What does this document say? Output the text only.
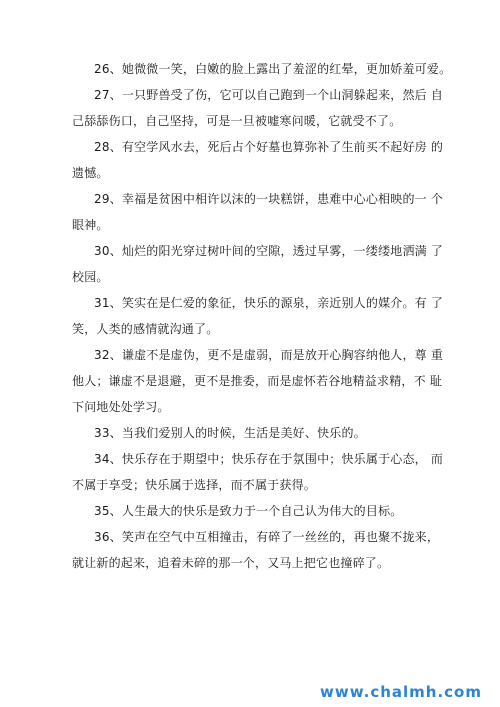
26、她微微一笑，白嫩的脸上露出了羞涩的红晕，更加娇羞可爱。

27、一只野兽受了伤，它可以自己跑到一个山洞躲起来，然后 自己舔舔伤口，自己坚持，可是一旦被嘘寒问暖，它就受不了。

28、有空学风水去，死后占个好墓也算弥补了生前买不起好房 的遗憾。

29、幸福是贫困中相许以沫的一块糕饼，患难中心心相映的一 个眼神。

30、灿烂的阳光穿过树叶间的空隙，透过早雾，一缕缕地洒满 了校园。

31、笑实在是仁爱的象征，快乐的源泉，亲近别人的媒介。有 了笑，人类的感情就沟通了。

32、谦虚不是虚伪，更不是虚弱，而是放开心胸容纳他人，尊 重他人；谦虚不是退避，更不是推委，而是虚怀若谷地精益求精，不 耻下问地处处学习。

33、当我们爱别人的时候，生活是美好、快乐的。

34、快乐存在于期望中；快乐存在于氛围中；快乐属于心态， 而不属于享受；快乐属于选择，而不属于获得。

35、人生最大的快乐是致力于一个自己认为伟大的目标。

36、笑声在空气中互相撞击，有碎了一丝丝的，再也聚不拢来， 就让新的起来，追着未碎的那一个，又马上把它也撞碎了。

www.chalmh.com
